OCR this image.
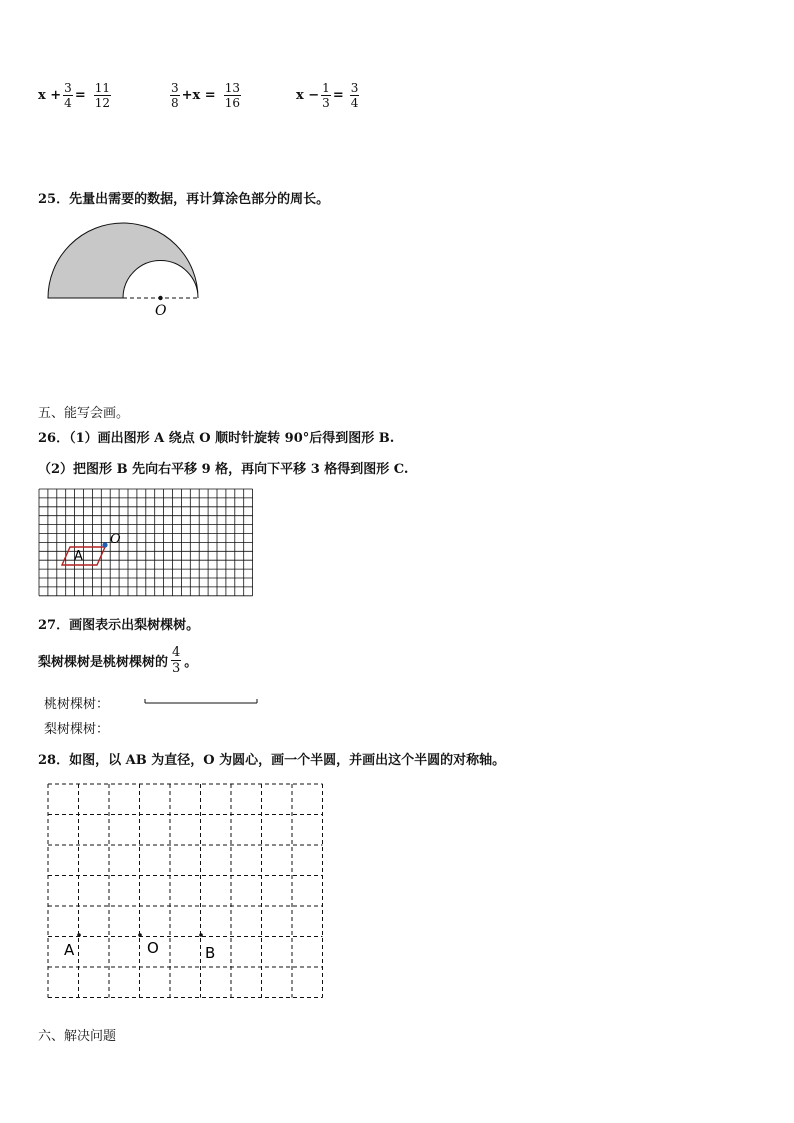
$x + \frac{3}{4} = \frac{11}{12}$	$\frac{3}{8} +x = \frac{13}{16}$	$x - \frac{1}{3} = \frac{3}{4}$
25．先量出需要的数据，再计算涂色部分的周长。
O
五、能写会画。
26．（1）画出图形 A 绕点 O 顺时针旋转 90°后得到图形 B.
（2）把图形 B 先向右平移 9 格，再向下平移 3 格得到图形 C.
A
O
27．画图表示出梨树棵树。
梨树棵树是桃树棵树的 $\frac{4}{3}$ 。
桃树棵树：
梨树棵树：
28．如图，以 AB 为直径，O 为圆心，画一个半圆，并画出这个半圆的对称轴。
A	O	B
六、解决问题
